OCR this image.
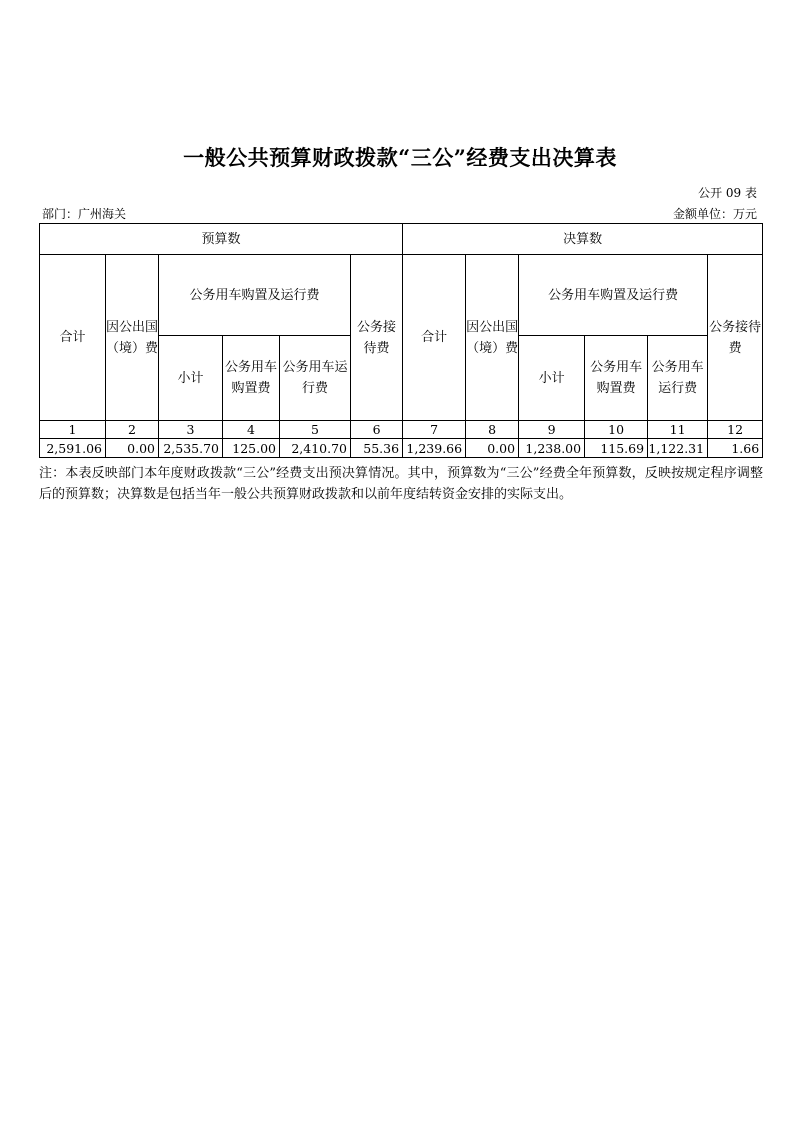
一般公共预算财政拨款“三公”经费支出决算表
公开 09 表
部门：广州海关	金额单位：万元
预算数						决算数					
合计	因公出国（境）费	公务用车购置及运行费			公务接待费	合计	因公出国（境）费	公务用车购置及运行费			公务接待费
		小计	公务用车购置费	公务用车运行费				小计	公务用车购置费	公务用车运行费	
1	2	3	4	5	6	7	8	9	10	11	12
2,591.06	0.00	2,535.70	125.00	2,410.70	55.36	1,239.66	0.00	1,238.00	115.69	1,122.31	1.66
注：本表反映部门本年度财政拨款“三公”经费支出预决算情况。其中，预算数为“三公”经费全年预算数，反映按规定程序调整后的预算数；决算数是包括当年一般公共预算财政拨款和以前年度结转资金安排的实际支出。
